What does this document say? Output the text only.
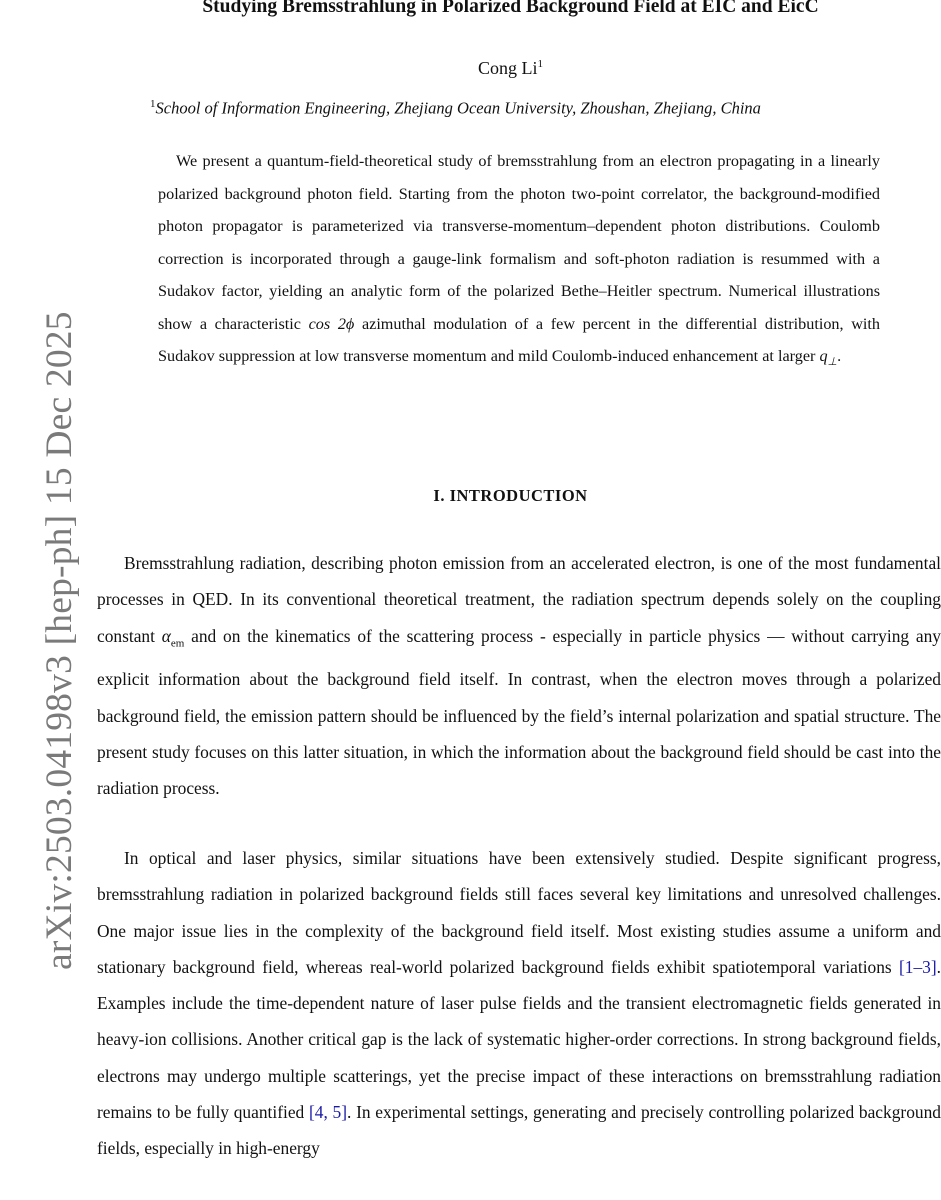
arXiv:2503.04198v3 [hep-ph] 15 Dec 2025
Studying Bremsstrahlung in Polarized Background Field at EIC and EicC
Cong Li$^1$
$^1$School of Information Engineering, Zhejiang Ocean University, Zhoushan, Zhejiang, China

We present a quantum-field-theoretical study of bremsstrahlung from an electron propagating in a linearly polarized background photon field. Starting from the photon two-point correlator, the background-modified photon propagator is parameterized via transverse-momentum–dependent photon distributions. Coulomb correction is incorporated through a gauge-link formalism and soft-photon radiation is resummed with a Sudakov factor, yielding an analytic form of the polarized Bethe–Heitler spectrum. Numerical illustrations show a characteristic cos 2ϕ azimuthal modulation of a few percent in the differential distribution, with Sudakov suppression at low transverse momentum and mild Coulomb-induced enhancement at larger $q_\perp$.

I. INTRODUCTION

Bremsstrahlung radiation, describing photon emission from an accelerated electron, is one of the most fundamental processes in QED. In its conventional theoretical treatment, the radiation spectrum depends solely on the coupling constant $\alpha_{em}$ and on the kinematics of the scattering process - especially in particle physics — without carrying any explicit information about the background field itself. In contrast, when the electron moves through a polarized background field, the emission pattern should be influenced by the field’s internal polarization and spatial structure. The present study focuses on this latter situation, in which the information about the background field should be cast into the radiation process.

In optical and laser physics, similar situations have been extensively studied. Despite significant progress, bremsstrahlung radiation in polarized background fields still faces several key limitations and unresolved challenges. One major issue lies in the complexity of the background field itself. Most existing studies assume a uniform and stationary background field, whereas real-world polarized background fields exhibit spatiotemporal variations [1–3]. Examples include the time-dependent nature of laser pulse fields and the transient electromagnetic fields generated in heavy-ion collisions. Another critical gap is the lack of systematic higher-order corrections. In strong background fields, electrons may undergo multiple scatterings, yet the precise impact of these interactions on bremsstrahlung radiation remains to be fully quantified [4, 5]. In experimental settings, generating and precisely controlling polarized background fields, especially in high-energy
